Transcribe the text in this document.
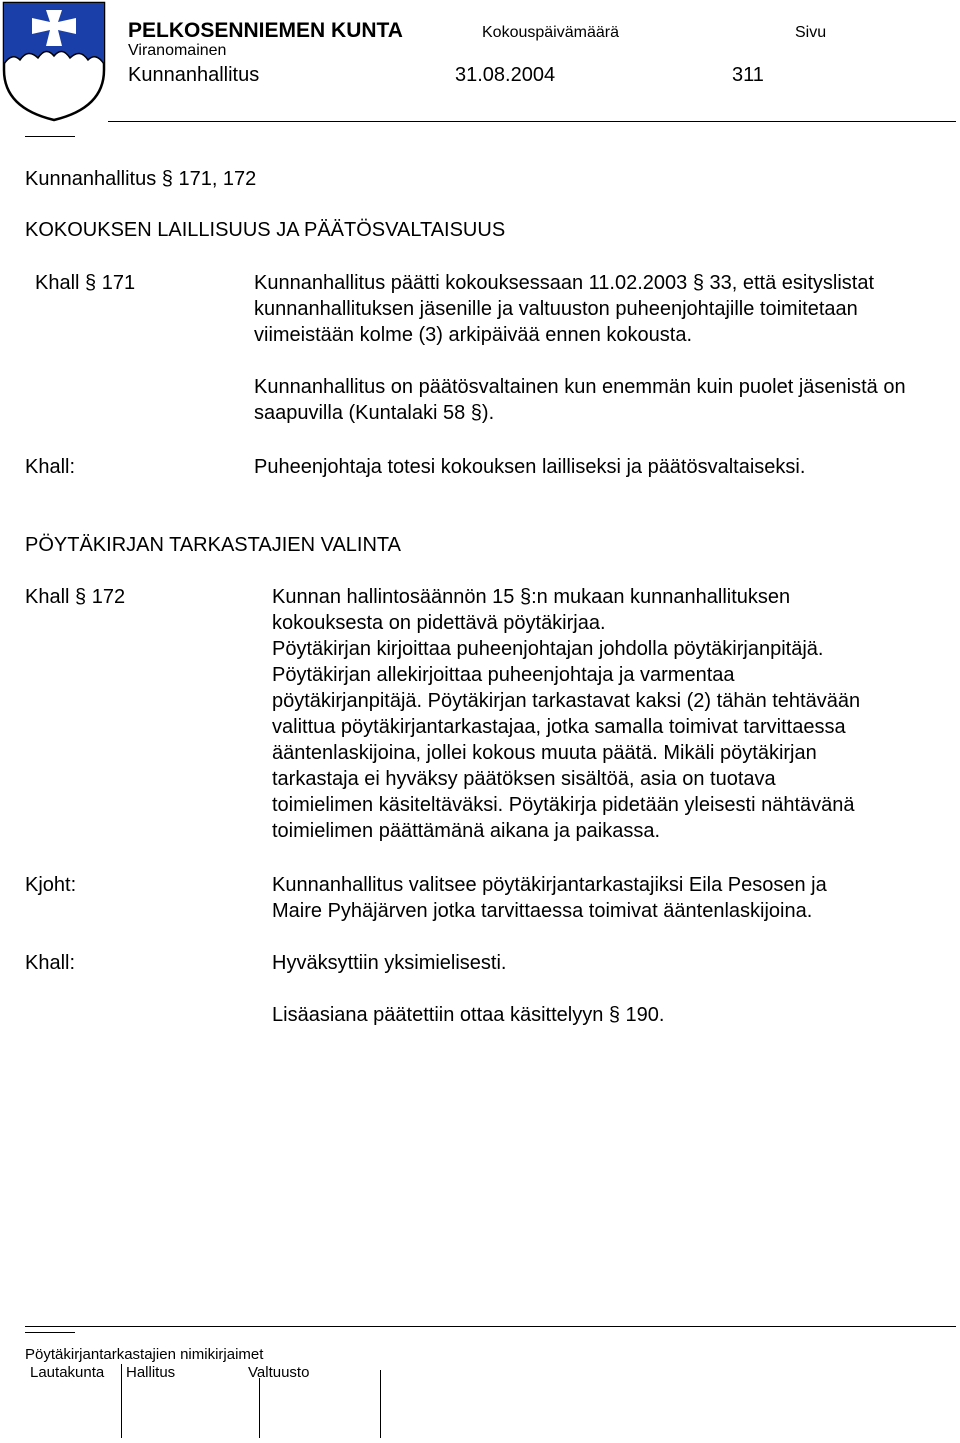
PELKOSENNIEMEN KUNTA	Kokouspäivämäärä	Sivu
Viranomainen
Kunnanhallitus	31.08.2004	311
Kunnanhallitus § 171, 172
KOKOUKSEN LAILLISUUS JA PÄÄTÖSVALTAISUUS
Khall § 171	Kunnanhallitus päätti kokouksessaan 11.02.2003 § 33, että esityslistat kunnanhallituksen jäsenille ja valtuuston puheenjohtajille toimitetaan viimeistään kolme (3) arkipäivää ennen kokousta.
Kunnanhallitus on päätösvaltainen kun enemmän kuin puolet jäsenistä on saapuvilla (Kuntalaki 58 §).
Khall:	Puheenjohtaja totesi kokouksen lailliseksi ja päätösvaltaiseksi.
PÖYTÄKIRJAN TARKASTAJIEN VALINTA
Khall § 172	Kunnan hallintosäännön 15 §:n mukaan kunnanhallituksen

kokouksesta on pidettävä pöytäkirjaa.

Pöytäkirjan kirjoittaa puheenjohtajan johdolla pöytäkirjanpitäjä.

Pöytäkirjan allekirjoittaa puheenjohtaja ja varmentaa

pöytäkirjanpitäjä. Pöytäkirjan tarkastavat kaksi (2) tähän tehtävään

valittua pöytäkirjantarkastajaa, jotka samalla toimivat tarvittaessa

ääntenlaskijoina, jollei kokous muuta päätä. Mikäli pöytäkirjan

tarkastaja ei hyväksy päätöksen sisältöä, asia on tuotava

toimielimen käsiteltäväksi. Pöytäkirja pidetään yleisesti nähtävänä

toimielimen päättämänä aikana ja paikassa.

Kjoht:	Kunnanhallitus valitsee pöytäkirjantarkastajiksi Eila Pesosen ja

Maire Pyhäjärven jotka tarvittaessa toimivat ääntenlaskijoina.

Khall:	Hyväksyttiin yksimielisesti.
Lisäasiana päätettiin ottaa käsittelyyn § 190.
Pöytäkirjantarkastajien nimikirjaimet
Lautakunta Hallitus	Valtuusto
